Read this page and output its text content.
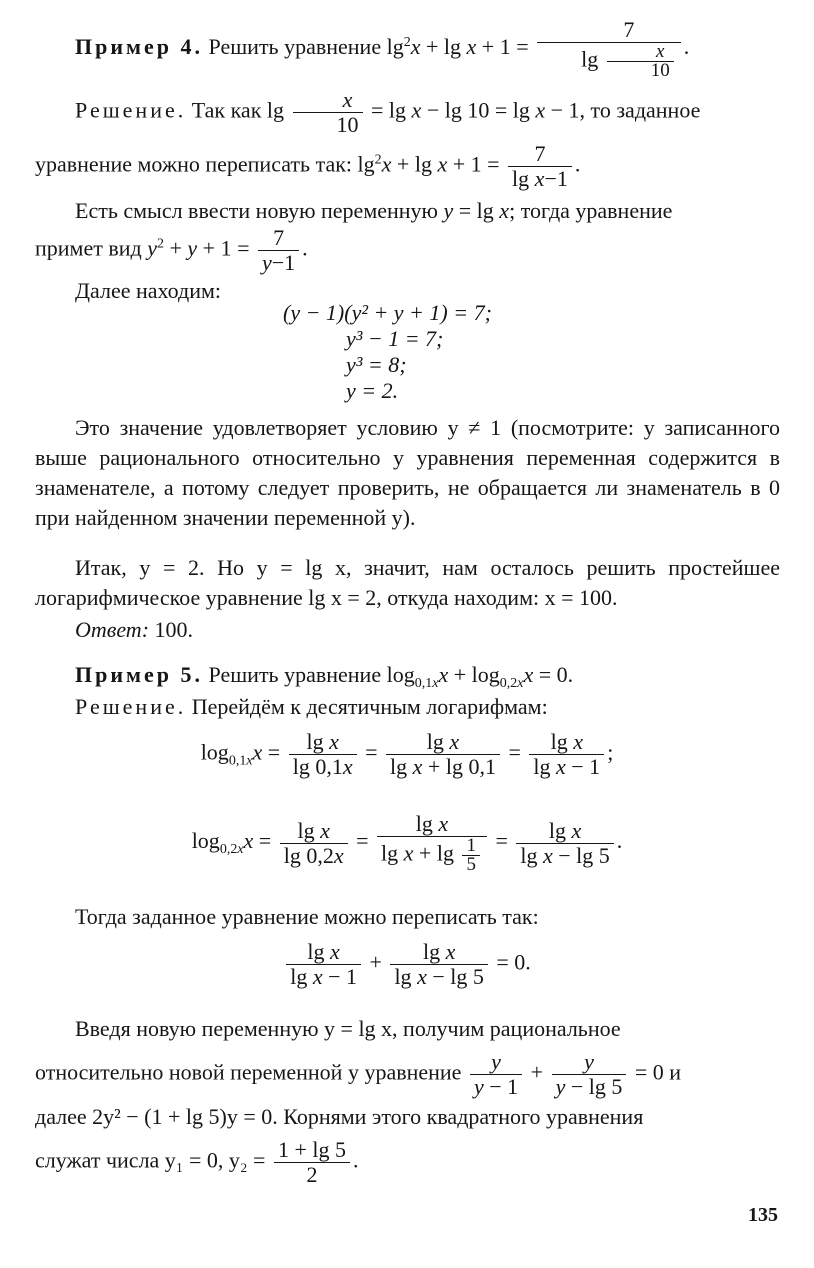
Пример 4. Решить уравнение $\lg^2x + \lg x + 1 = \frac{7}{\lg \frac{x}{10}}$ .
Решение. Так как $\lg \frac{x}{10} = \lg x - \lg 10 = \lg x - 1$, то заданное
уравнение можно переписать так: $\lg^2x + \lg x + 1 = \frac{7}{\text{lg x−1}}$ .
Есть смысл ввести новую переменную y = lg x; тогда уравнение
примет вид $y^2 + y + 1 = \frac{7}{y-1}$ .
Далее находим:
(y − 1)(y² + y + 1) = 7;
y³ − 1 = 7;
y³ = 8;
y = 2.
Это значение удовлетворяет условию y ≠ 1 (посмотрите: у записанного выше рационального относительно y уравнения переменная содержится в знаменателе, а потому следует проверить, не обращается ли знаменатель в 0 при найденном значении переменной y).
Итак, y = 2. Но y = lg x, значит, нам осталось решить простейшее логарифмическое уравнение lg x = 2, откуда находим: x = 100.
Ответ: 100.
Пример 5. Решить уравнение $\log_{0,1x}x + \log_{0,2x}x = 0$.
Решение. Перейдём к десятичным логарифмам:
$\log_{0,1x}x = \frac{\text{lg x}}{\lg 0,1x} = \frac{\text{lg x}}{\text{lg x + lg 0,1}} = \frac{\text{lg x}}{\text{lg x − 1}}$ ;
$\log_{0,2x}x = \frac{\text{lg x}}{\lg 0,2x} = \frac{\text{lg x}}{\lg x + \lg \frac{1}{5}} = \frac{\text{lg x}}{\text{lg x − lg 5}}$ .
Тогда заданное уравнение можно переписать так:
$\frac{\text{lg x}}{\text{lg x − 1}} + \frac{\text{lg x}}{\text{lg x − lg 5}} = 0$.
Введя новую переменную y = lg x, получим рациональное
относительно новой переменной y уравнение $\frac{y}{y - 1} + \frac{y}{y - \lg 5} = 0$ и
далее 2y² − (1 + lg 5)y = 0. Корнями этого квадратного уравнения
служат числа y₁ = 0, $y_2 = \frac{1 + \lg 5}{2}$ .
135
